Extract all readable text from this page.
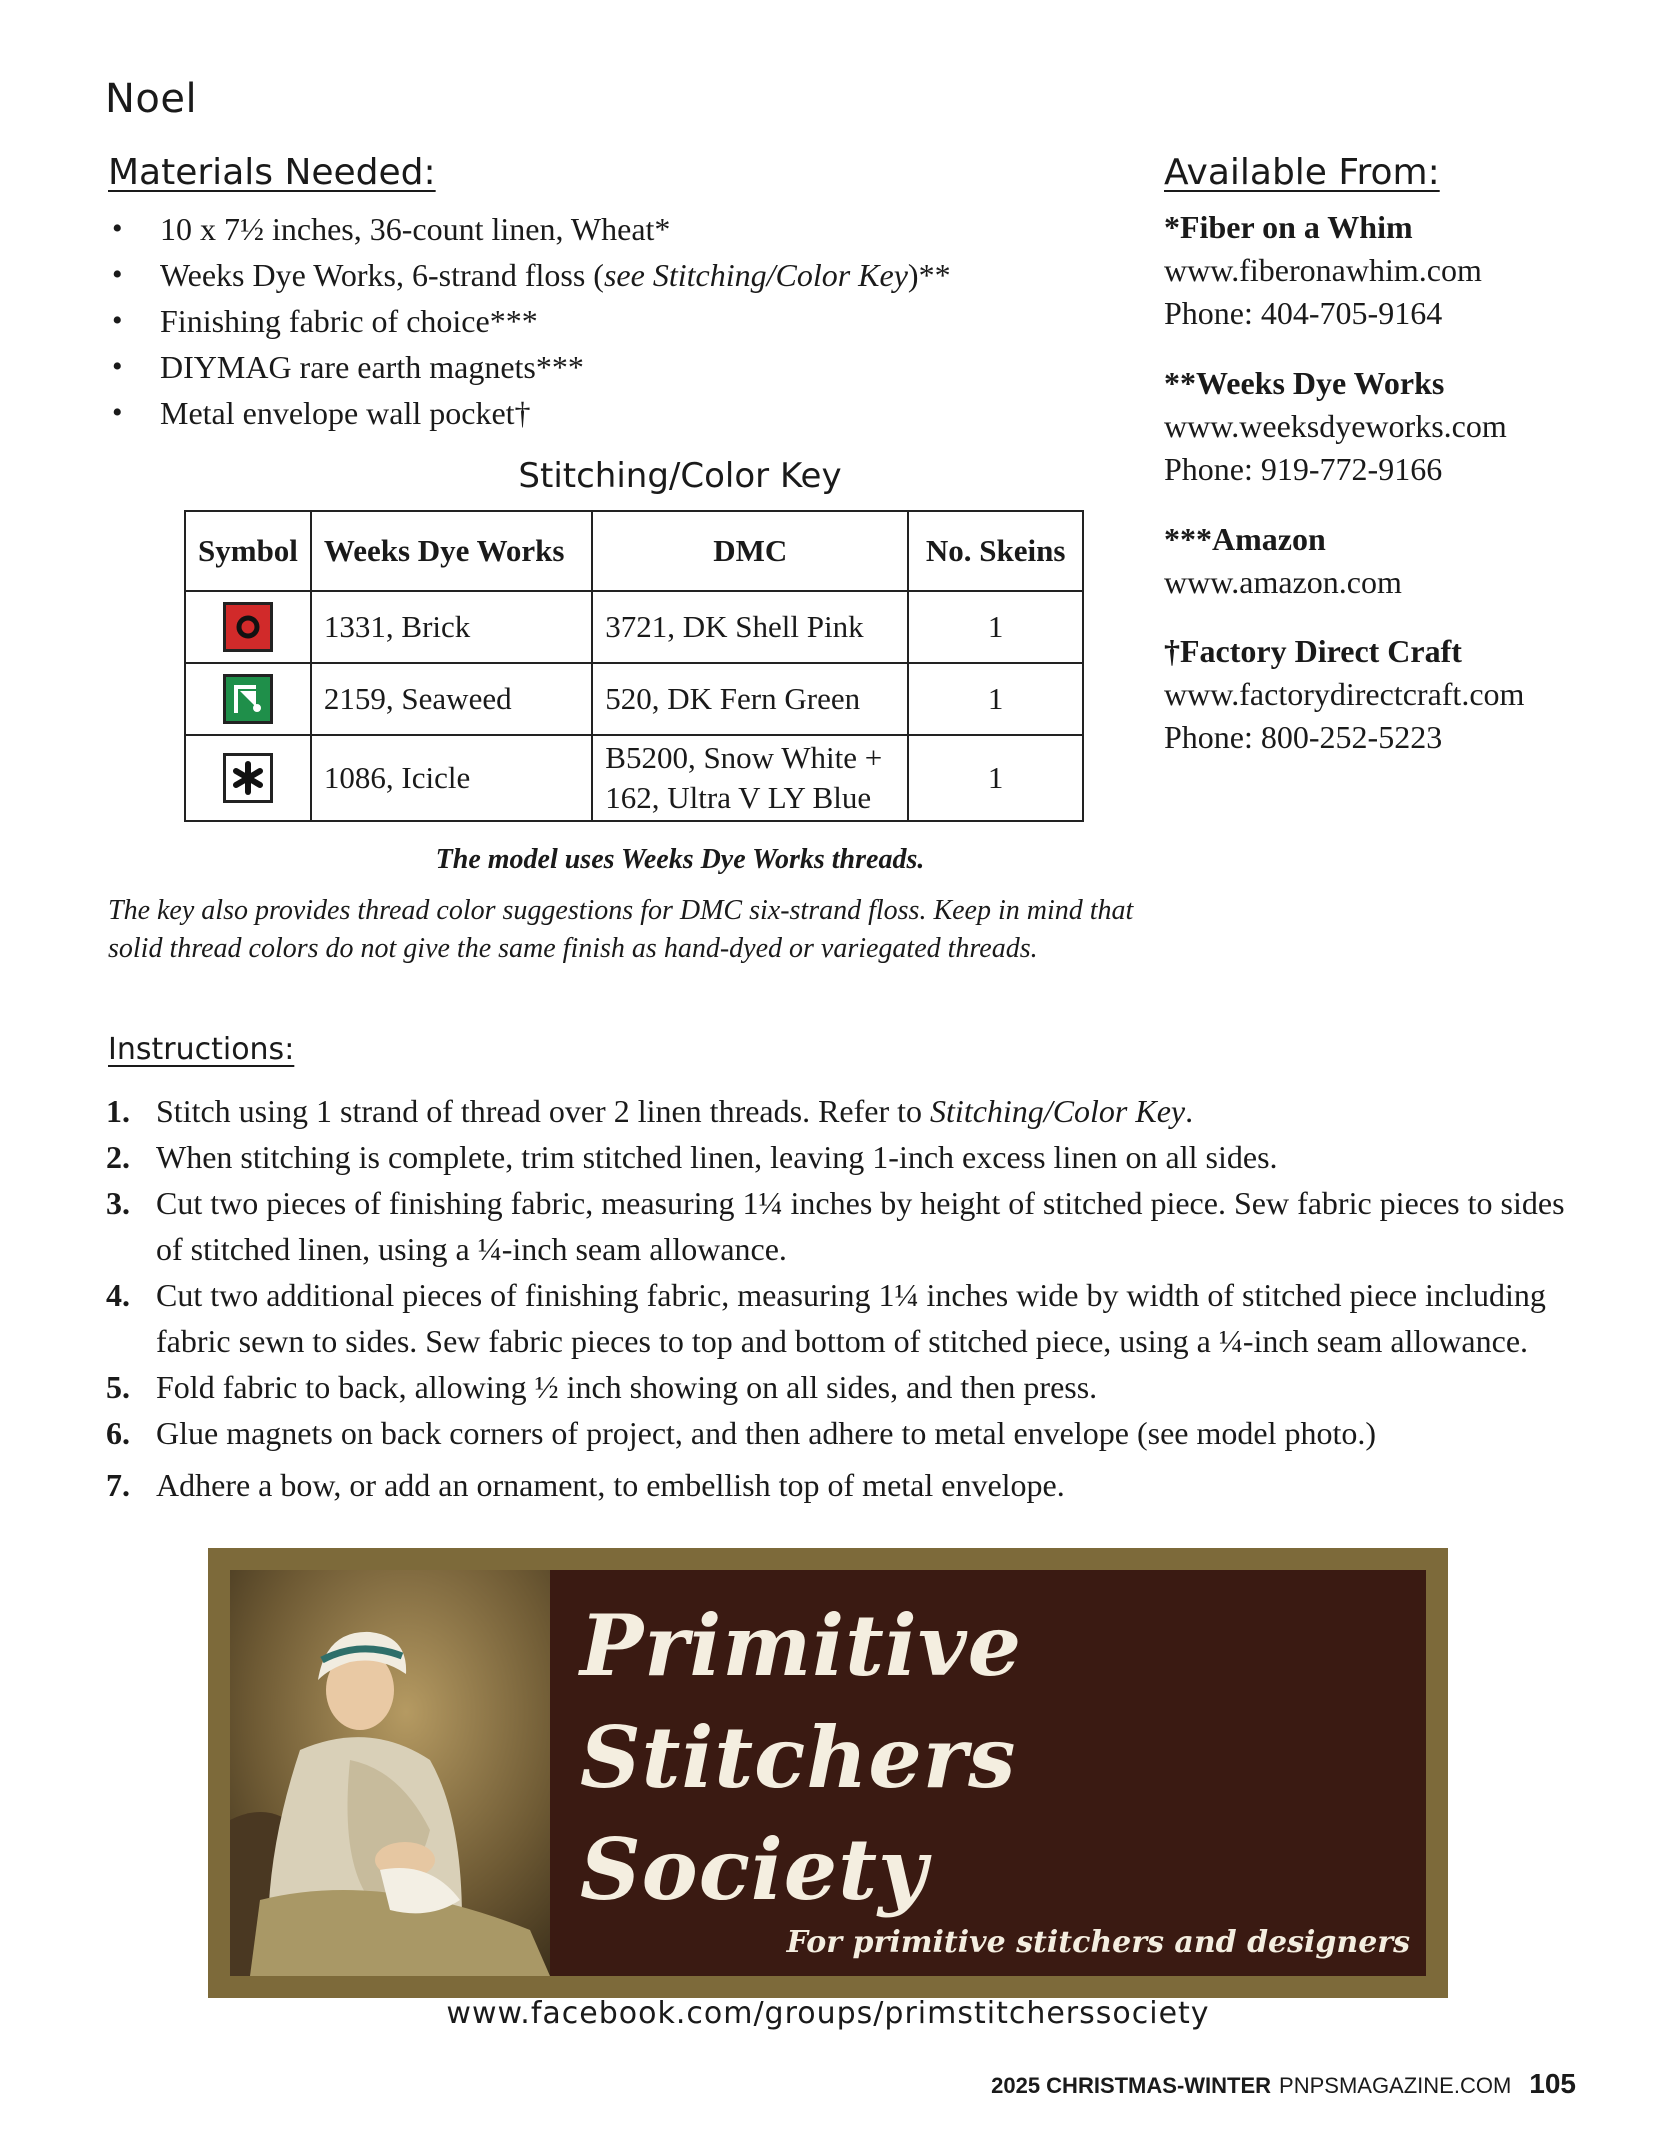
Noel
Materials Needed:
• 10 x 7½ inches, 36-count linen, Wheat*
• Weeks Dye Works, 6-strand floss (see Stitching/Color Key)**
• Finishing fabric of choice***
• DIYMAG rare earth magnets***
• Metal envelope wall pocket†
Stitching/Color Key
Symbol	Weeks Dye Works	DMC	No. Skeins

	1331, Brick	3721, DK Shell Pink	1

	2159, Seaweed	520, DK Fern Green	1

	1086, Icicle	B5200, Snow White + 162, Ultra V LY Blue	1
The model uses Weeks Dye Works threads.
The key also provides thread color suggestions for DMC six-strand floss. Keep in mind that solid thread colors do not give the same finish as hand-dyed or variegated threads.
Available From:
*Fiber on a Whim
www.fiberonawhim.com
Phone: 404-705-9164
**Weeks Dye Works
www.weeksdyeworks.com
Phone: 919-772-9166
***Amazon
www.amazon.com
†Factory Direct Craft
www.factorydirectcraft.com
Phone: 800-252-5223
Instructions:
1. Stitch using 1 strand of thread over 2 linen threads. Refer to Stitching/Color Key.
2. When stitching is complete, trim stitched linen, leaving 1-inch excess linen on all sides.
3. Cut two pieces of finishing fabric, measuring 1¼ inches by height of stitched piece. Sew fabric pieces to sides of stitched linen, using a ¼-inch seam allowance.
4. Cut two additional pieces of finishing fabric, measuring 1¼ inches wide by width of stitched piece including fabric sewn to sides. Sew fabric pieces to top and bottom of stitched piece, using a ¼-inch seam allowance.
5. Fold fabric to back, allowing ½ inch showing on all sides, and then press.
6. Glue magnets on back corners of project, and then adhere to metal envelope (see model photo.)
7. Adhere a bow, or add an ornament, to embellish top of metal envelope.
Primitive
Stitchers
Society
For primitive stitchers and designers
www.facebook.com/groups/primstitcherssociety
2025 CHRISTMAS-WINTER PNPSMAGAZINE.COM 105
